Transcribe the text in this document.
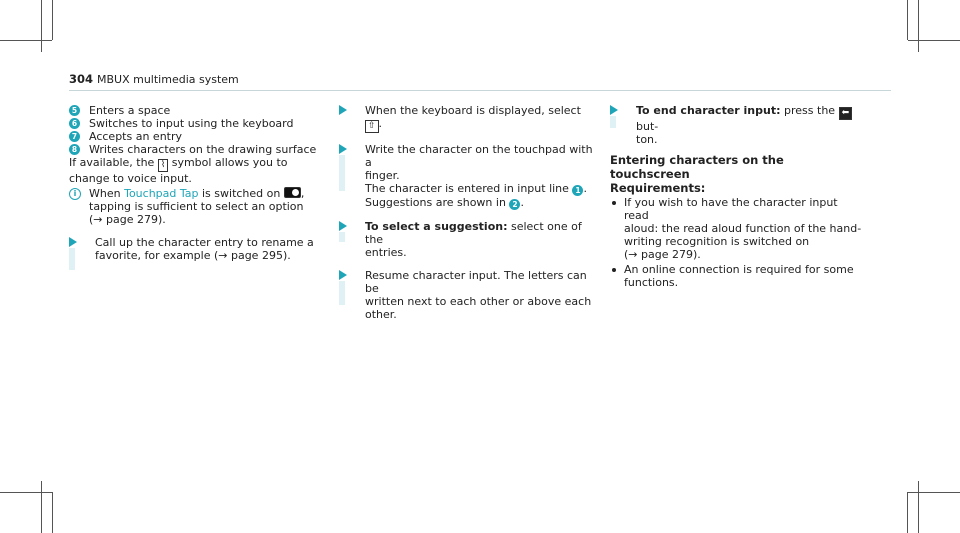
304 MBUX multimedia system
5 Enters a space
6 Switches to input using the keyboard
7 Accepts an entry
8 Writes characters on the drawing surface
If available, the ⌇ symbol allows you to
change to voice input.
i	When Touchpad Tap is switched on ,
tapping is sufficient to select an option
(→ page 279).
Call up the character entry to rename a
favorite, for example (→ page 295).
When the keyboard is displayed, select ⇧ .
Write the character on the touchpad with a
finger.
The character is entered in input line 1 .
Suggestions are shown in 2 .
To select a suggestion: select one of the
entries.
Resume character input. The letters can be
written next to each other or above each
other.
To end character input: press the ⬅ but-
ton.
Entering characters on the touchscreen
Requirements:
If you wish to have the character input read
aloud: the read aloud function of the hand-
writing recognition is switched on
(→ page 279).
An online connection is required for some
functions.
